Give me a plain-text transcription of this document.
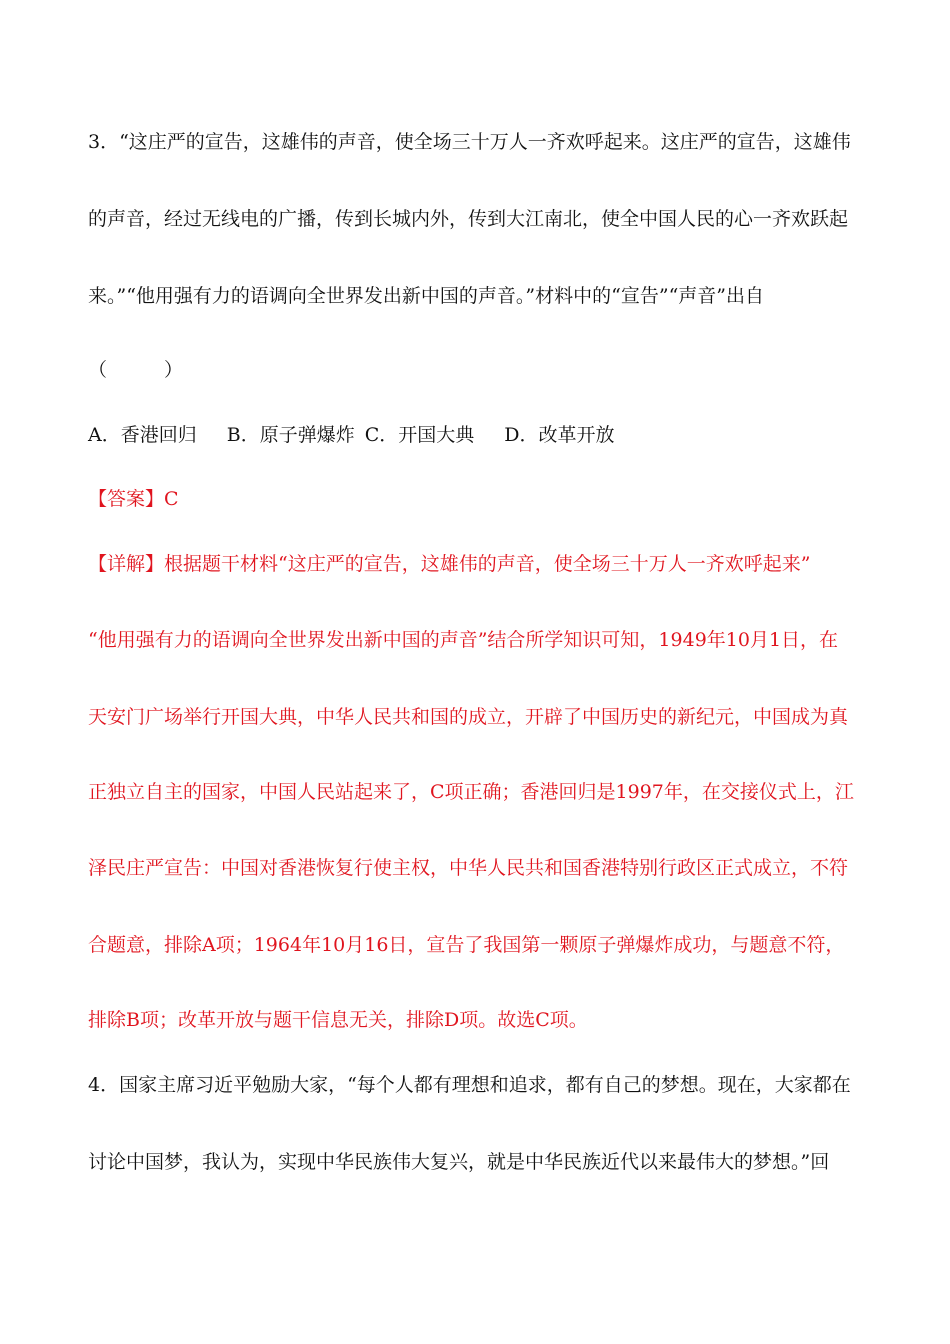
3．“这庄严的宣告，这雄伟的声音，使全场三十万人一齐欢呼起来。这庄严的宣告，这雄伟
的声音，经过无线电的广播，传到长城内外，传到大江南北，使全中国人民的心一齐欢跃起
来。”“他用强有力的语调向全世界发出新中国的声音。”材料中的“宣告”“声音”出自
（　　　）
A．香港回归 B．原子弹爆炸 C．开国大典 D．改革开放
【答案】C
【详解】根据题干材料“这庄严的宣告，这雄伟的声音，使全场三十万人一齐欢呼起来”
“他用强有力的语调向全世界发出新中国的声音”结合所学知识可知，1949年10月1日，在
天安门广场举行开国大典，中华人民共和国的成立，开辟了中国历史的新纪元，中国成为真
正独立自主的国家，中国人民站起来了，C项正确；香港回归是1997年，在交接仪式上，江
泽民庄严宣告：中国对香港恢复行使主权，中华人民共和国香港特别行政区正式成立，不符
合题意，排除A项；1964年10月16日，宣告了我国第一颗原子弹爆炸成功，与题意不符，
排除B项；改革开放与题干信息无关，排除D项。故选C项。
4．国家主席习近平勉励大家，“每个人都有理想和追求，都有自己的梦想。现在，大家都在
讨论中国梦，我认为，实现中华民族伟大复兴，就是中华民族近代以来最伟大的梦想。”回
